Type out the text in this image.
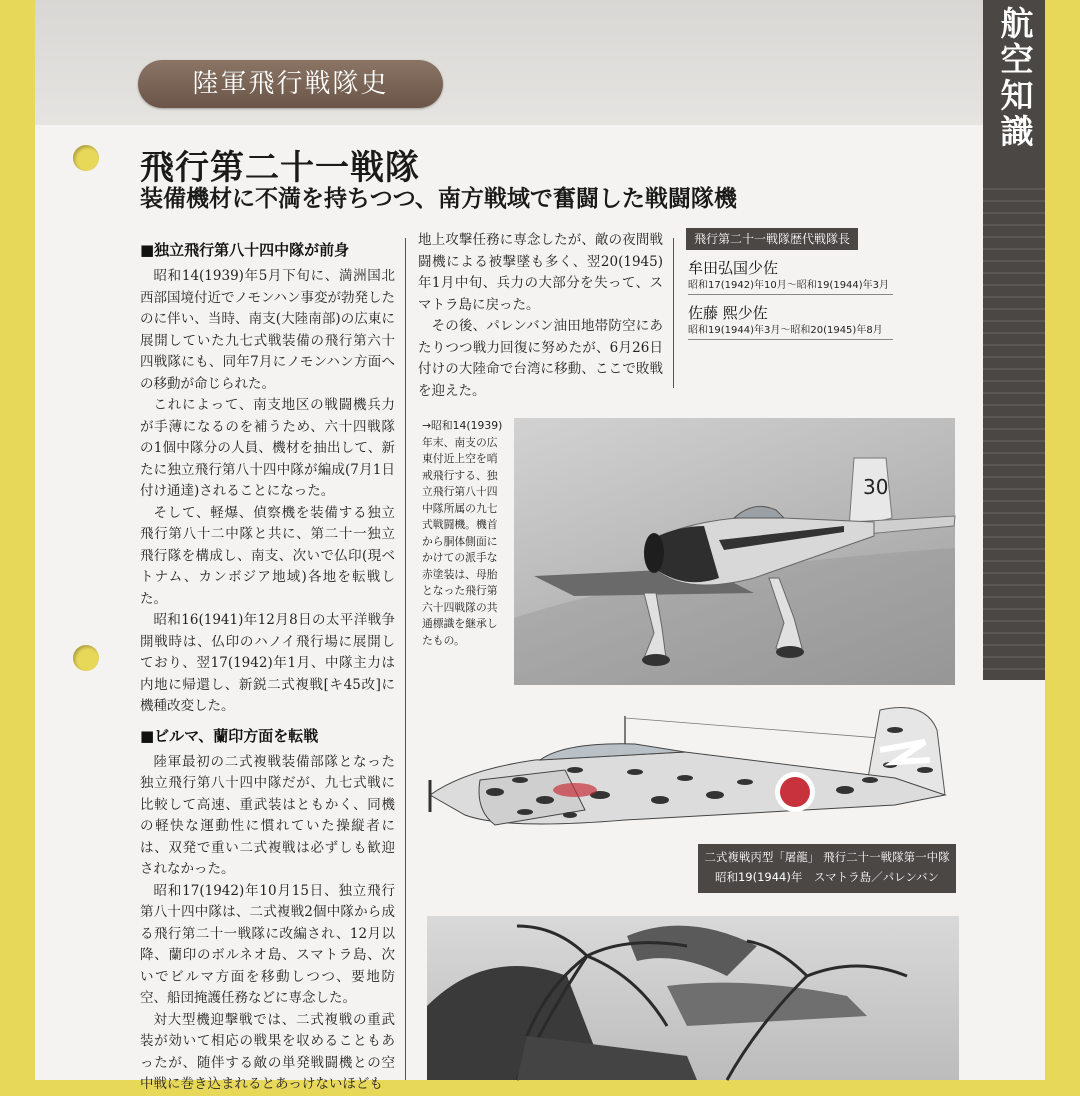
航空知識
陸軍飛行戦隊史
飛行第二十一戦隊
装備機材に不満を持ちつつ、南方戦域で奮闘した戦闘隊機
■独立飛行第八十四中隊が前身

昭和14(1939)年5月下旬に、満洲国北西部国境付近でノモンハン事変が勃発したのに伴い、当時、南支(大陸南部)の広東に展開していた九七式戦装備の飛行第六十四戦隊にも、同年7月にノモンハン方面への移動が命じられた。

これによって、南支地区の戦闘機兵力が手薄になるのを補うため、六十四戦隊の1個中隊分の人員、機材を抽出して、新たに独立飛行第八十四中隊が編成(7月1日付け通達)されることになった。

そして、軽爆、偵察機を装備する独立飛行第八十二中隊と共に、第二十一独立飛行隊を構成し、南支、次いで仏印(現ベトナム、カンボジア地域)各地を転戦した。

昭和16(1941)年12月8日の太平洋戦争開戦時は、仏印のハノイ飛行場に展開しており、翌17(1942)年1月、中隊主力は内地に帰還し、新鋭二式複戦[キ45改]に機種改変した。

■ビルマ、蘭印方面を転戦

陸軍最初の二式複戦装備部隊となった独立飛行第八十四中隊だが、九七式戦に比較して高速、重武装はともかく、同機の軽快な運動性に慣れていた操縦者には、双発で重い二式複戦は必ずしも歓迎されなかった。

昭和17(1942)年10月15日、独立飛行第八十四中隊は、二式複戦2個中隊から成る飛行第二十一戦隊に改編され、12月以降、蘭印のボルネオ島、スマトラ島、次いでビルマ方面を移動しつつ、要地防空、船団掩護任務などに専念した。

対大型機迎撃戦では、二式複戦の重武装が効いて相応の戦果を収めることもあったが、随伴する敵の単発戦闘機との空中戦に巻き込まれるとあっけないほども

地上攻撃任務に専念したが、敵の夜間戦闘機による被撃墜も多く、翌20(1945)年1月中旬、兵力の大部分を失って、スマトラ島に戻った。

その後、パレンバン油田地帯防空にあたりつつ戦力回復に努めたが、6月26日付けの大陸命で台湾に移動、ここで敗戦を迎えた。

飛行第二十一戦隊歴代戦隊長
牟田弘国少佐
昭和17(1942)年10月～昭和19(1944)年3月
佐藤 熙少佐
昭和19(1944)年3月～昭和20(1945)年8月
→昭和14(1939)年末、南支の広東付近上空を哨戒飛行する、独立飛行第八十四中隊所属の九七式戦闘機。機首から胴体側面にかけての派手な赤塗装は、母胎となった飛行第六十四戦隊の共通標識を継承したもの。
30
二式複戦丙型「屠龍」 飛行二十一戦隊第一中隊
昭和19(1944)年　スマトラ島／パレンバン
